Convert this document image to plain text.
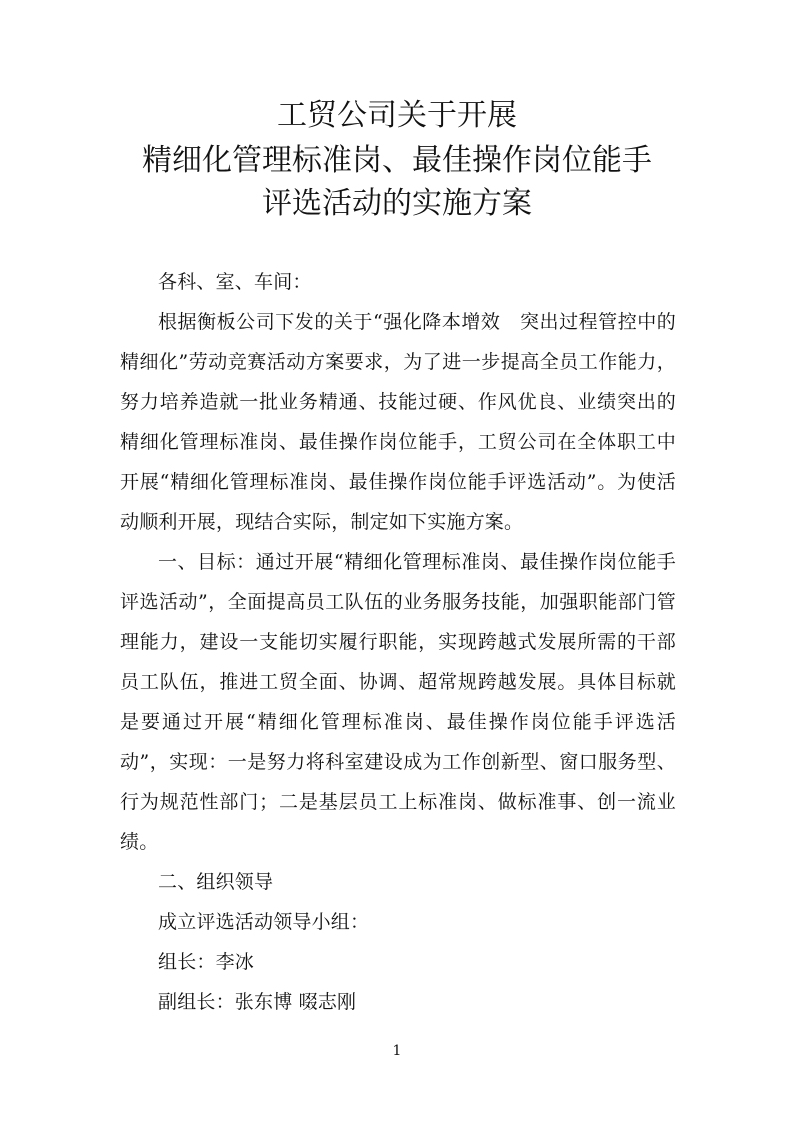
工贸公司关于开展
精细化管理标准岗、最佳操作岗位能手
评选活动的实施方案

各科、室、车间：

根据衡板公司下发的关于“强化降本增效　突出过程管控中的精细化”劳动竞赛活动方案要求，为了进一步提高全员工作能力，努力培养造就一批业务精通、技能过硬、作风优良、业绩突出的精细化管理标准岗、最佳操作岗位能手，工贸公司在全体职工中开展“精细化管理标准岗、最佳操作岗位能手评选活动”。为使活动顺利开展，现结合实际，制定如下实施方案。

一、目标：通过开展“精细化管理标准岗、最佳操作岗位能手评选活动”，全面提高员工队伍的业务服务技能，加强职能部门管理能力，建设一支能切实履行职能，实现跨越式发展所需的干部员工队伍，推进工贸全面、协调、超常规跨越发展。具体目标就是要通过开展“精细化管理标准岗、最佳操作岗位能手评选活动”，实现：一是努力将科室建设成为工作创新型、窗口服务型、行为规范性部门；二是基层员工上标准岗、做标准事、创一流业绩。

二、组织领导

成立评选活动领导小组：

组长：李冰

副组长：张东博 啜志刚

1
